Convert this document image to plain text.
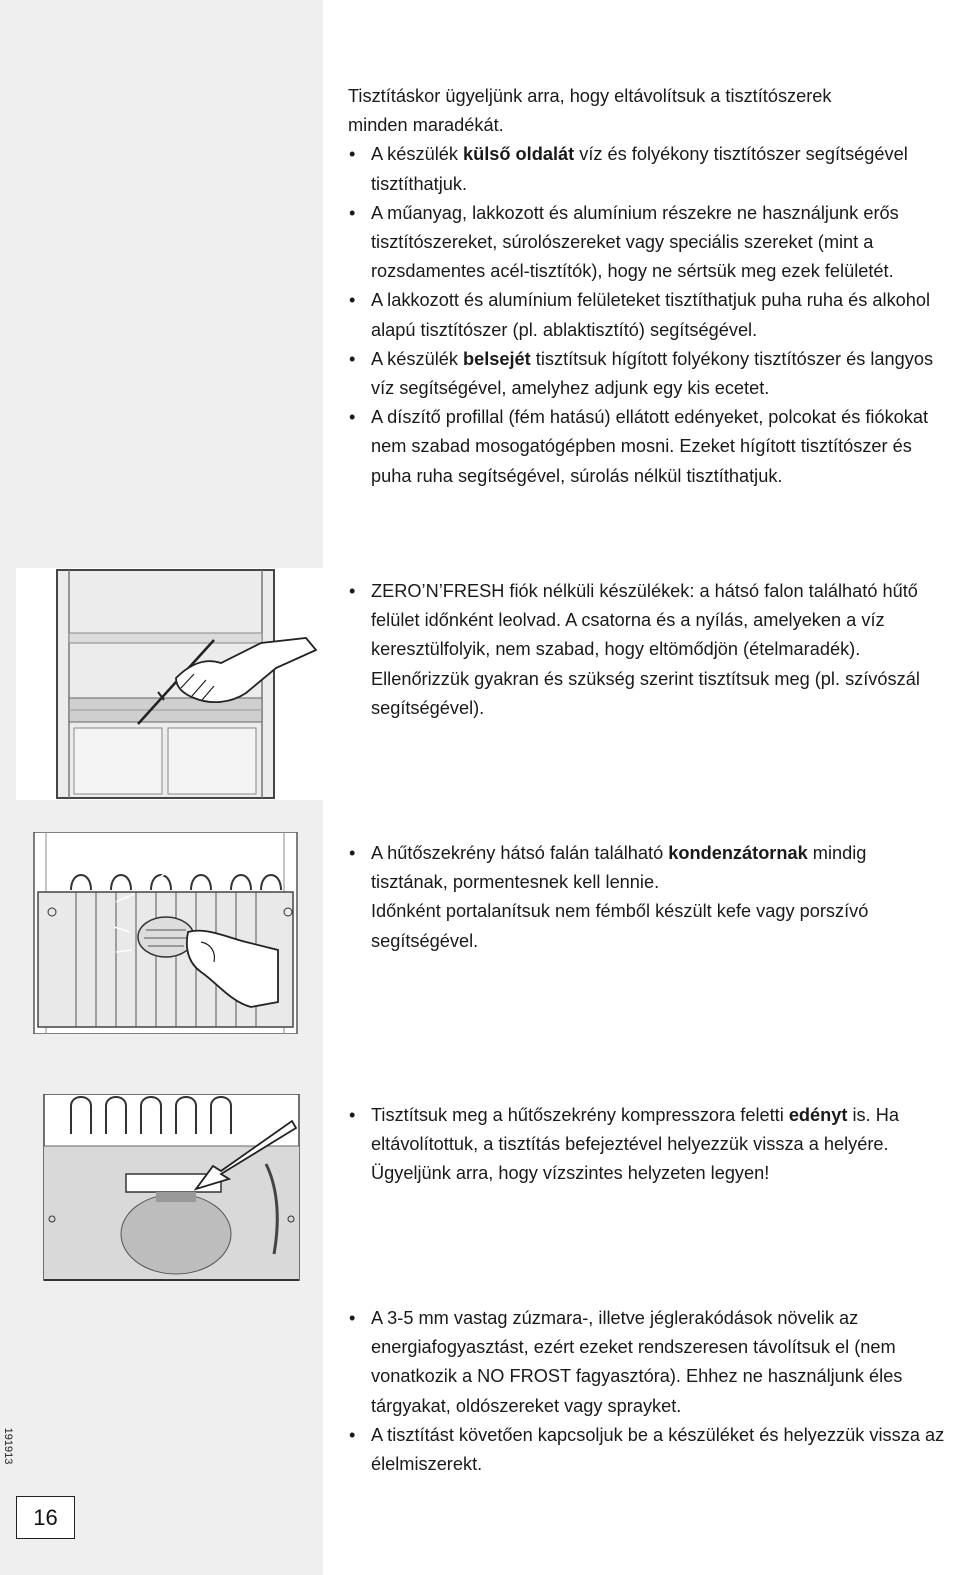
Tisztításkor ügyeljünk arra, hogy eltávolítsuk a tisztítószerek
minden maradékát.

• A készülék külső oldalát víz és folyékony tisztítószer segítségével tisztíthatjuk.
• A műanyag, lakkozott és alumínium részekre ne használjunk erős tisztítószereket, súrolószereket vagy speciális szereket (mint a rozsdamentes acél-tisztítók), hogy ne sértsük meg ezek felületét.
• A lakkozott és alumínium felületeket tisztíthatjuk puha ruha és alkohol alapú tisztítószer (pl. ablaktisztító) segítségével.
• A készülék belsejét tisztítsuk hígított folyékony tisztítószer és langyos víz segítségével, amelyhez adjunk egy kis ecetet.
• A díszítő profillal (fém hatású) ellátott edényeket, polcokat és fiókokat nem szabad mosogatógépben mosni. Ezeket hígított tisztítószer és puha ruha segítségével, súrolás nélkül tisztíthatjuk.
• ZERO’N’FRESH fiók nélküli készülékek: a hátsó falon található hűtő felület időnként leolvad. A csatorna és a nyílás, amelyeken a víz keresztülfolyik, nem szabad, hogy eltömődjön (ételmaradék).
Ellenőrizzük gyakran és szükség szerint tisztítsuk meg (pl. szívószál segítségével).
• A hűtőszekrény hátsó falán található kondenzátornak mindig tisztának, pormentesnek kell lennie.
Időnként portalanítsuk nem fémből készült kefe vagy porszívó segítségével.
• Tisztítsuk meg a hűtőszekrény kompresszora feletti edényt is. Ha eltávolítottuk, a tisztítás befejeztével helyezzük vissza a helyére. Ügyeljünk arra, hogy vízszintes helyzeten legyen!
• A 3-5 mm vastag zúzmara-, illetve jéglerakódások növelik az energiafogyasztást, ezért ezeket rendszeresen távolítsuk el (nem vonatkozik a NO FROST fagyasztóra). Ehhez ne használjunk éles tárgyakat, oldószereket vagy sprayket.
• A tisztítást követően kapcsoljuk be a készüléket és helyezzük vissza az élelmiszerekt.
191913
16
